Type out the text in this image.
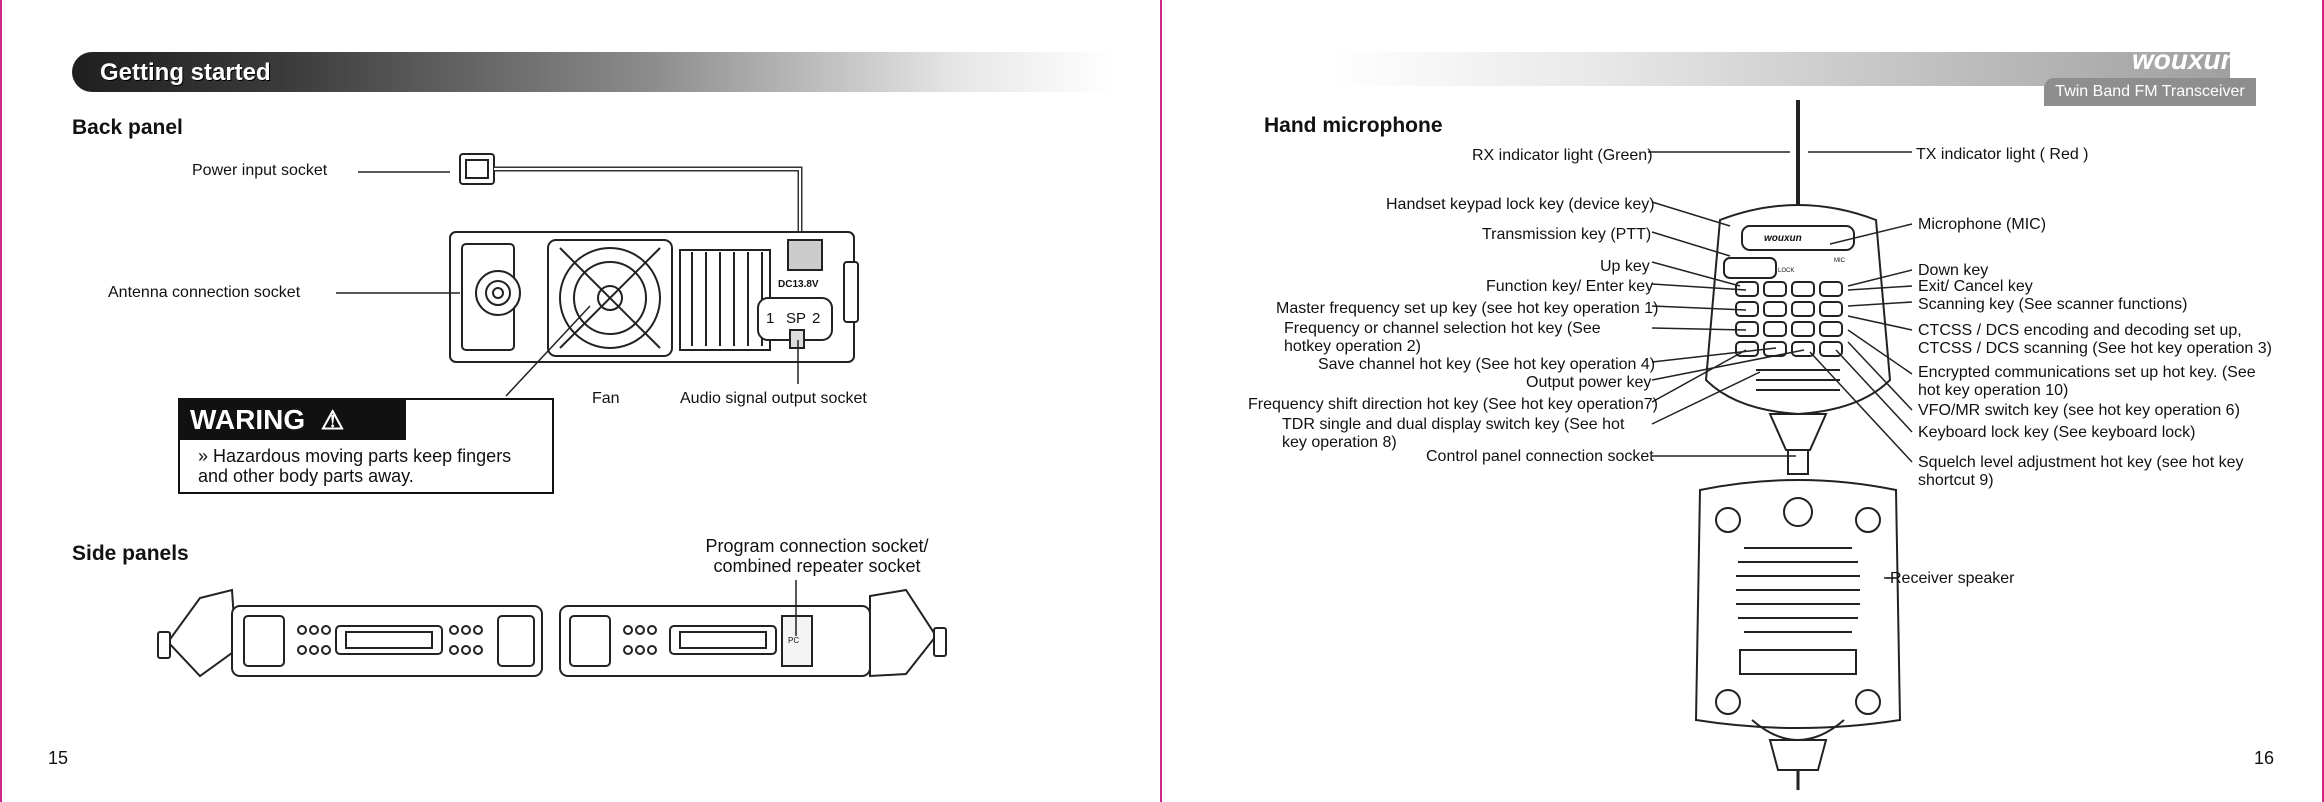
Getting started
Back panel
Power input socket
Antenna connection socket
Fan	Audio signal output socket
DC13.8V
1 SP 2
WARING ⚠
» Hazardous moving parts keep fingers and other body parts away.
Side panels	Program connection socket/ combined repeater socket
PC
15
wouxun
Twin Band FM Transceiver
Hand microphone
RX indicator light (Green)
Handset keypad lock key (device key)
Transmission key (PTT)
Up key
Function key/ Enter key
Master frequency set up key (see hot key operation 1)
Frequency or channel selection hot key (See hotkey operation 2)
Save channel hot key (See hot key operation 4)
Output power key
Frequency shift direction hot key (See hot key operation7)
TDR single and dual display switch key (See hot key operation 8)
Control panel connection socket
TX indicator light ( Red )
Microphone (MIC)
Down key
Exit/ Cancel key
Scanning key (See scanner functions)
CTCSS / DCS encoding and decoding set up,
CTCSS / DCS scanning (See hot key operation 3)
Encrypted communications set up hot key. (See hot key operation 10)
VFO/MR switch key (see hot key operation 6)
Keyboard lock key (See keyboard lock)
Squelch level adjustment hot key (see hot key shortcut 9)
Receiver speaker
wouxun
LOCK
MIC
16
